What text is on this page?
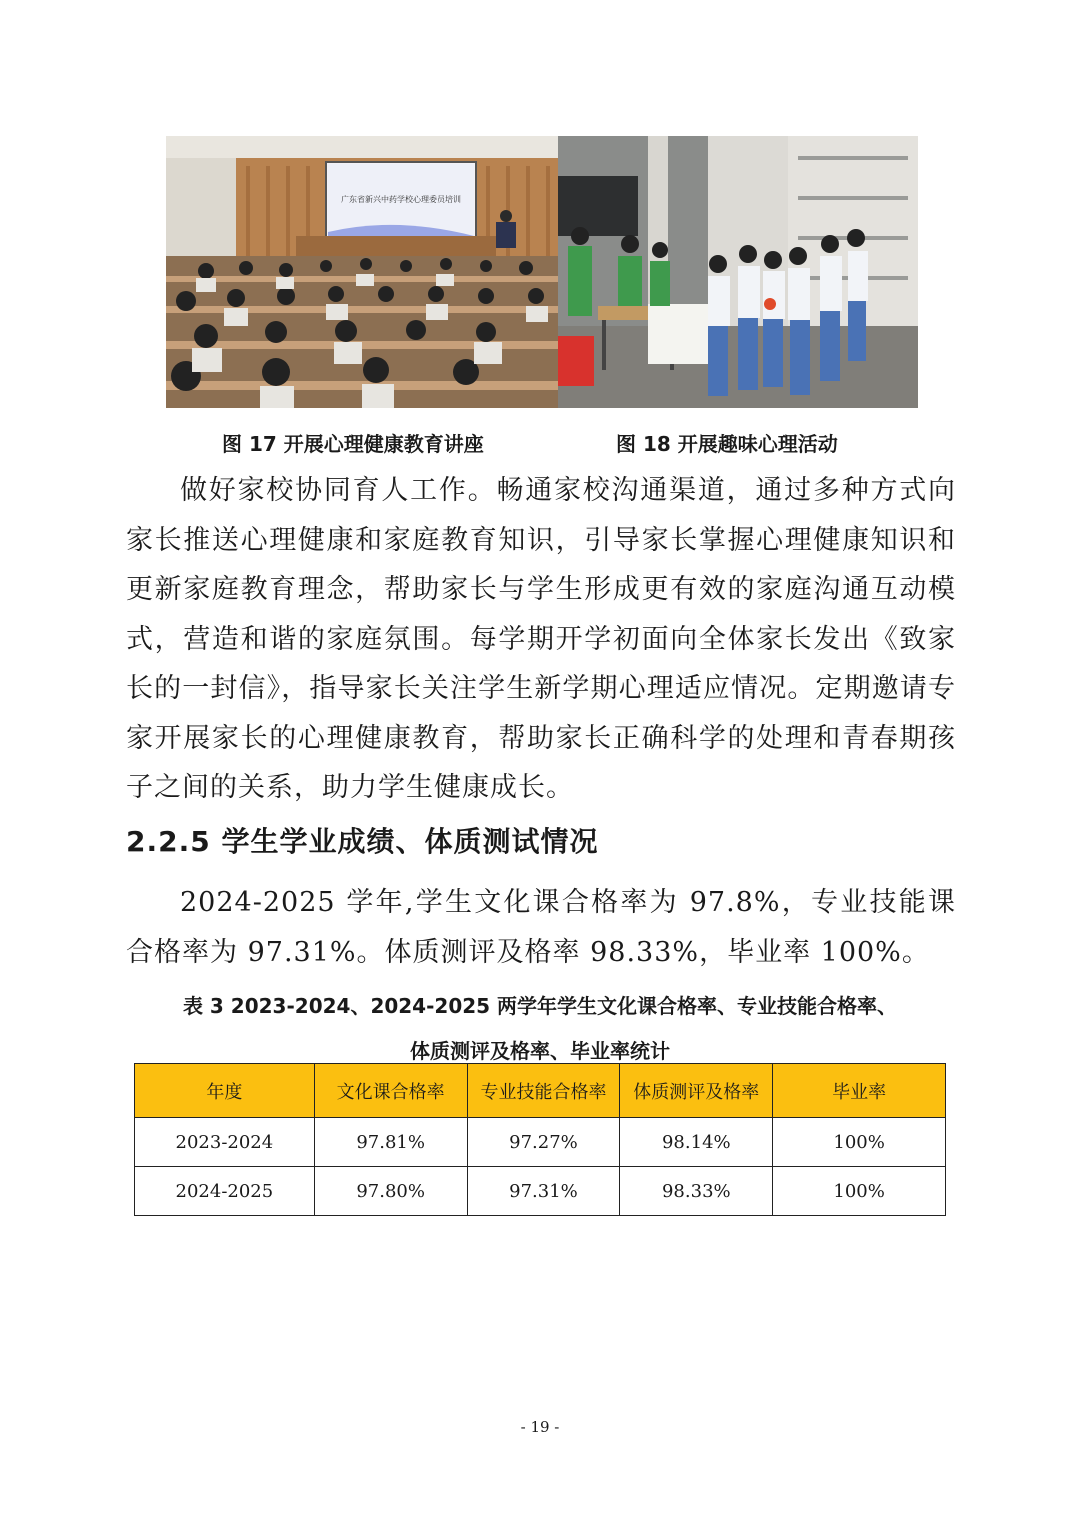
广东省新兴中药学校心理委员培训
图 17 开展心理健康教育讲座	图 18 开展趣味心理活动

做好家校协同育人工作。畅通家校沟通渠道，通过多种方式向家长推送心理健康和家庭教育知识，引导家长掌握心理健康知识和更新家庭教育理念，帮助家长与学生形成更有效的家庭沟通互动模式，营造和谐的家庭氛围。每学期开学初面向全体家长发出《致家长的一封信》，指导家长关注学生新学期心理适应情况。定期邀请专家开展家长的心理健康教育，帮助家长正确科学的处理和青春期孩子之间的关系，助力学生健康成长。

2.2.5 学生学业成绩、体质测试情况

2024-2025 学年,学生文化课合格率为 97.8%，专业技能课合格率为 97.31%。体质测评及格率 98.33%，毕业率 100%。

表 3 2023-2024、2024-2025 两学年学生文化课合格率、专业技能合格率、
体质测评及格率、毕业率统计
年度	文化课合格率	专业技能合格率	体质测评及格率	毕业率
2023-2024	97.81%	97.27%	98.14%	100%
2024-2025	97.80%	97.31%	98.33%	100%
- 19 -
